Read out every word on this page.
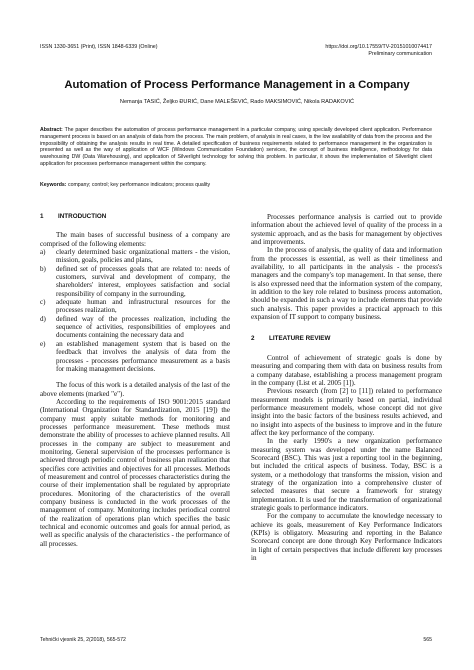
ISSN 1330-3651 (Print), ISSN 1848-6339 (Online)	https://doi.org/10.17559/TV-20151010074417
Preliminary communication
Automation of Process Performance Management in a Company
Nemanja TASIĆ, Željko ĐURIĆ, Dane MALEŠEVIĆ, Rado MAKSIMOVIĆ, Nikola RADAKOVIĆ
Abstract: The paper describes the automation of process performance management in a particular company, using specially developed client application. Performance management process is based on an analysis of data from the process. The main problem, of analysis in real cases, is the low availability of data from the process and the impossibility of obtaining the analysis results in real time. A detailed specification of business requirements related to performance management in the organization is presented as well as the way of application of WCF (Windows Communication Foundation) services, the concept of business intelligence, methodology for data warehousing DW (Data Warehousing), and application of Silverlight technology for solving this problem. In particular, it shows the implementation of Silverlight client application for processes performance management within the company.
Keywords: company; control; key performance indicators; process quality
1 INTRODUCTION

The main bases of successful business of a company are comprised of the following elements:

a) clearly determined basic organizational matters - the vision, mission, goals, policies and plans,
b) defined set of processes goals that are related to: needs of customers, survival and development of company, the shareholders' interest, employees satisfaction and social responsibility of company in the surrounding,
c) adequate human and infrastructural resources for the processes realization,
d) defined way of the processes realization, including the sequence of activities, responsibilities of employees and documents containing the necessary data and
e) an established management system that is based on the feedback that involves the analysis of data from the processes - processes performance measurement as a basis for making management decisions.

The focus of this work is a detailed analysis of the last of the above elements (marked "e").

According to the requirements of ISO 9001:2015 standard (International Organization for Standardization, 2015 [19]) the company must apply suitable methods for monitoring and processes performance measurement. These methods must demonstrate the ability of processes to achieve planned results. All processes in the company are subject to measurement and monitoring. General supervision of the processes performance is achieved through periodic control of business plan realization that specifies core activities and objectives for all processes. Methods of measurement and control of processes characteristics during the course of their implementation shall be regulated by appropriate procedures. Monitoring of the characteristics of the overall company business is conducted in the work processes of the management of company. Monitoring includes periodical control of the realization of operations plan which specifies the basic technical and economic outcomes and goals for annual period, as well as specific analysis of the characteristics - the performance of all processes.

Processes performance analysis is carried out to provide information about the achieved level of quality of the process in a systemic approach, and as the basis for management by objectives and improvements.

In the process of analysis, the quality of data and information from the processes is essential, as well as their timeliness and availability, to all participants in the analysis - the process's managers and the company's top management. In that sense, there is also expressed need that the information system of the company, in addition to the key role related to business process automation, should be expanded in such a way to include elements that provide such analysis. This paper provides a practical approach to this expansion of IT support to company business.

2 LITEATURE REVIEW

Control of achievement of strategic goals is done by measuring and comparing them with data on business results from a company database, establishing a process management program in the company (List et al. 2005 [1]).

Previous research (from [2] to [11]) related to performance measurement models is primarily based on partial, individual performance measurement models, whose concept did not give insight into the basic factors of the business results achieved, and no insight into aspects of the business to improve and in the future affect the key performance of the company.

In the early 1990's a new organization performance measuring system was developed under the name Balanced Scorecard (BSC). This was just a reporting tool in the beginning, but included the critical aspects of business. Today, BSC is a system, or a methodology that transforms the mission, vision and strategy of the organization into a comprehensive cluster of selected measures that secure a framework for strategy implementation. It is used for the transformation of organizational strategic goals to performance indicators.

For the company to accumulate the knowledge necessary to achieve its goals, measurement of Key Performance Indicators (KPIs) is obligatory. Measuring and reporting in the Balance Scorecard concept are done through Key Performance Indicators in light of certain perspectives that include different key processes in

Tehnički vjesnik 25, 2(2018), 565-572	565
